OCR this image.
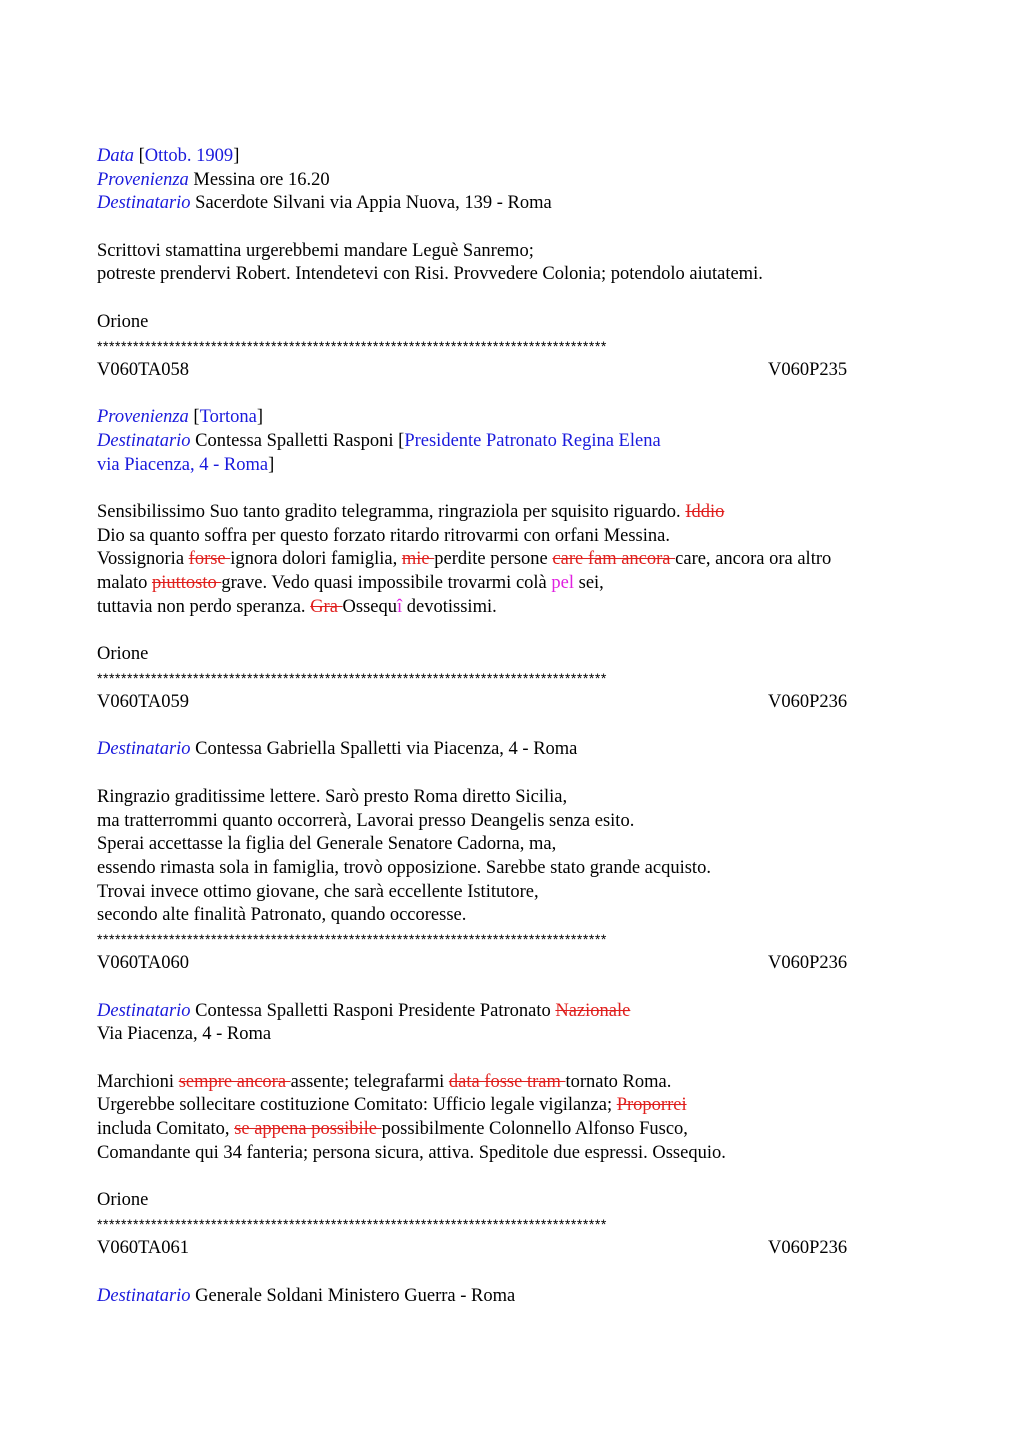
Data [Ottob. 1909]
Provenienza Messina ore 16.20
Destinatario Sacerdote Silvani via Appia Nuova, 139 - Roma
Scrittovi stamattina urgerebbemi mandare Leguè Sanremo;
potreste prendervi Robert. Intendetevi con Risi. Provvedere Colonia; potendolo aiutatemi.
Orione
*************************************************************************************
V060TA058	V060P235
Provenienza [Tortona]
Destinatario Contessa Spalletti Rasponi [Presidente Patronato Regina Elena
via Piacenza, 4 - Roma]
Sensibilissimo Suo tanto gradito telegramma, ringraziola per squisito riguardo. Iddio
Dio sa quanto soffra per questo forzato ritardo ritrovarmi con orfani Messina.
Vossignoria forse ignora dolori famiglia, mie perdite persone care fam ancora care, ancora ora altro
malato piuttosto grave. Vedo quasi impossibile trovarmi colà pel sei,
tuttavia non perdo speranza. Gra Ossequî devotissimi.
Orione
*************************************************************************************
V060TA059	V060P236
Destinatario Contessa Gabriella Spalletti via Piacenza, 4 - Roma
Ringrazio graditissime lettere. Sarò presto Roma diretto Sicilia,
ma tratterrommi quanto occorrerà, Lavorai presso Deangelis senza esito.
Sperai accettasse la figlia del Generale Senatore Cadorna, ma,
essendo rimasta sola in famiglia, trovò opposizione. Sarebbe stato grande acquisto.
Trovai invece ottimo giovane, che sarà eccellente Istitutore,
secondo alte finalità Patronato, quando occoresse.
*************************************************************************************
V060TA060	V060P236
Destinatario Contessa Spalletti Rasponi Presidente Patronato Nazionale
Via Piacenza, 4 - Roma
Marchioni sempre ancora assente; telegrafarmi data fosse tram tornato Roma.
Urgerebbe sollecitare costituzione Comitato: Ufficio legale vigilanza; Proporrei
includa Comitato, se appena possibile possibilmente Colonnello Alfonso Fusco,
Comandante qui 34 fanteria; persona sicura, attiva. Speditole due espressi. Ossequio.
Orione
*************************************************************************************
V060TA061	V060P236
Destinatario Generale Soldani Ministero Guerra - Roma
